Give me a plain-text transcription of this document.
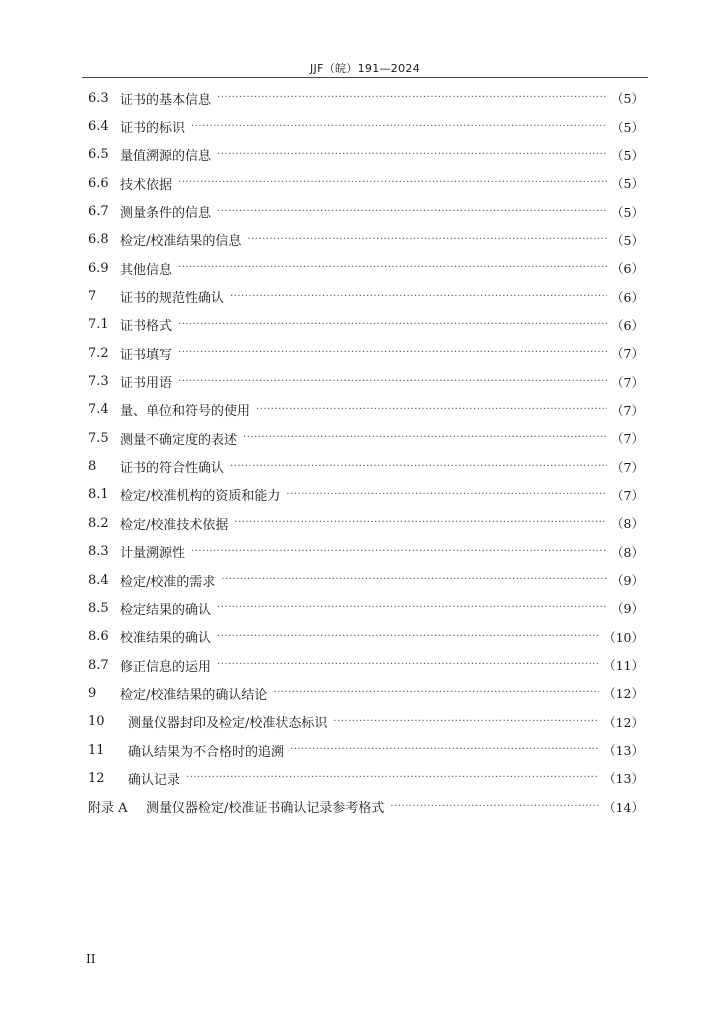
JJF（皖）191—2024
6.3 证书的基本信息 ·····	（5）
6.4 证书的标识 ·····	（5）
6.5 量值溯源的信息 ·····	（5）
6.6 技术依据 ·····	（5）
6.7 测量条件的信息 ·····	（5）
6.8 检定/校准结果的信息 ·····	（5）
6.9 其他信息 ·····	（6）
7	证书的规范性确认 ·····	（6）
7.1 证书格式 ·····	（6）
7.2 证书填写 ·····	（7）
7.3 证书用语 ·····	（7）
7.4 量、单位和符号的使用 ·····	（7）
7.5 测量不确定度的表述 ·····	（7）
8	证书的符合性确认 ·····	（7）
8.1 检定/校准机构的资质和能力 ·····	（7）
8.2 检定/校准技术依据 ·····	（8）
8.3 计量溯源性 ·····	（8）
8.4 检定/校准的需求 ·····	（9）
8.5 检定结果的确认 ·····	（9）
8.6 校准结果的确认 ·····	（10）
8.7 修正信息的运用 ·····	（11）
9	检定/校准结果的确认结论 ·····	（12）
10	测量仪器封印及检定/校准状态标识 ·····	（12）
11	确认结果为不合格时的追溯 ·····	（13）
12	确认记录 ·····	（13）
附录 A	测量仪器检定/校准证书确认记录参考格式 ·····	（14）
II
